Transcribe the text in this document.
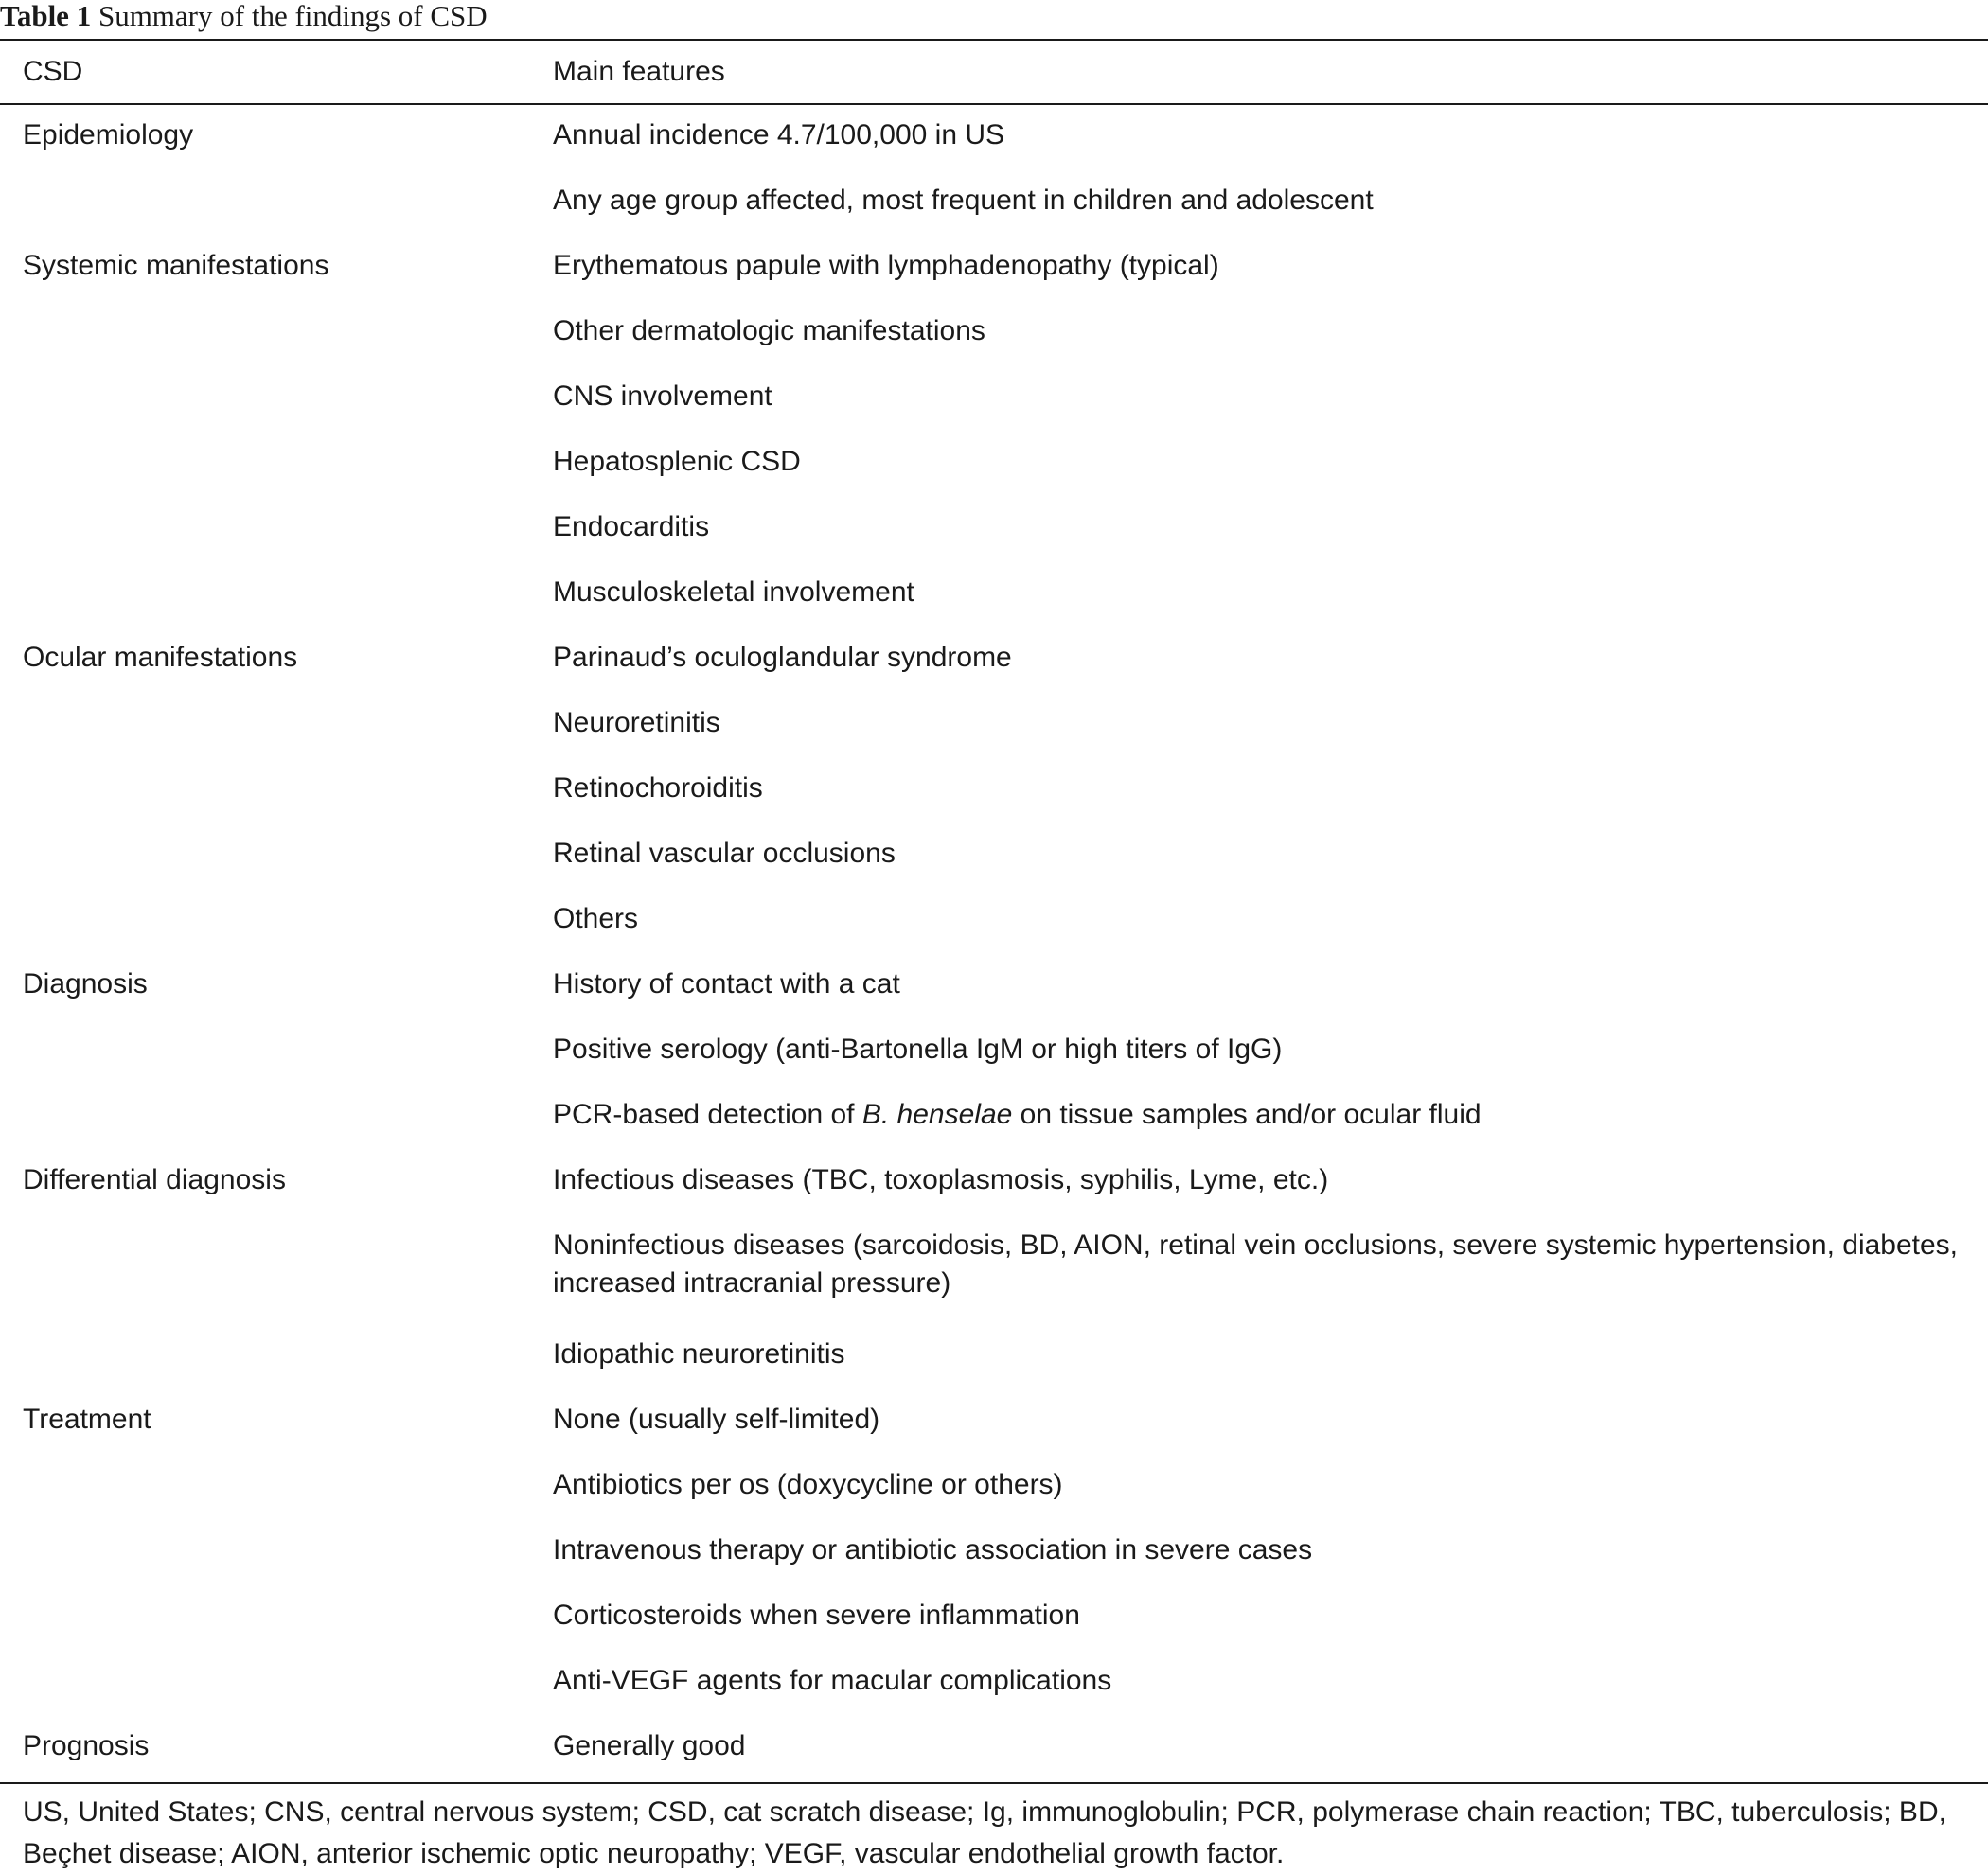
Table 1 Summary of the findings of CSD
CSD	Main features
Epidemiology	Annual incidence 4.7/100,000 in US
Any age group affected, most frequent in children and adolescent
Systemic manifestations	Erythematous papule with lymphadenopathy (typical)
Other dermatologic manifestations
CNS involvement
Hepatosplenic CSD
Endocarditis
Musculoskeletal involvement
Ocular manifestations	Parinaud’s oculoglandular syndrome
Neuroretinitis
Retinochoroiditis
Retinal vascular occlusions
Others
Diagnosis	History of contact with a cat
Positive serology (anti-Bartonella IgM or high titers of IgG)
PCR-based detection of B. henselae on tissue samples and/or ocular fluid
Differential diagnosis	Infectious diseases (TBC, toxoplasmosis, syphilis, Lyme, etc.)
Noninfectious diseases (sarcoidosis, BD, AION, retinal vein occlusions, severe systemic hypertension, diabetes, increased intracranial pressure)
Idiopathic neuroretinitis
Treatment	None (usually self-limited)
Antibiotics per os (doxycycline or others)
Intravenous therapy or antibiotic association in severe cases
Corticosteroids when severe inflammation
Anti-VEGF agents for macular complications
Prognosis	Generally good
US, United States; CNS, central nervous system; CSD, cat scratch disease; Ig, immunoglobulin; PCR, polymerase chain reaction; TBC, tuberculosis; BD, Beçhet disease; AION, anterior ischemic optic neuropathy; VEGF, vascular endothelial growth factor.
